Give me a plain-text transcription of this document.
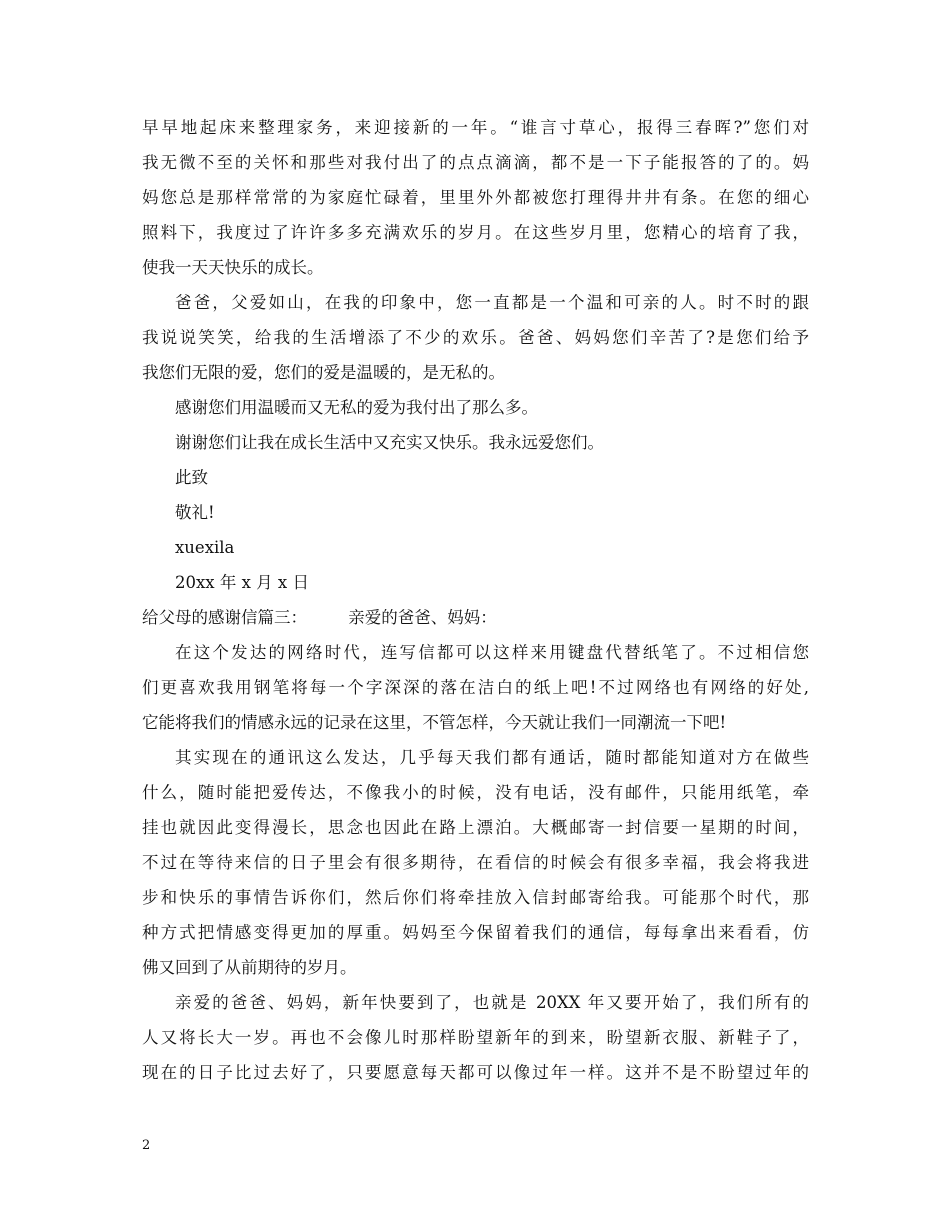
早早地起床来整理家务，来迎接新的一年。“谁言寸草心，报得三春晖?”您们对
我无微不至的关怀和那些对我付出了的点点滴滴，都不是一下子能报答的了的。妈
妈您总是那样常常的为家庭忙碌着，里里外外都被您打理得井井有条。在您的细心
照料下，我度过了许许多多充满欢乐的岁月。在这些岁月里，您精心的培育了我，
使我一天天快乐的成长。
爸爸，父爱如山，在我的印象中，您一直都是一个温和可亲的人。时不时的跟
我说说笑笑，给我的生活增添了不少的欢乐。爸爸、妈妈您们辛苦了?是您们给予
我您们无限的爱，您们的爱是温暖的，是无私的。
感谢您们用温暖而又无私的爱为我付出了那么多。
谢谢您们让我在成长生活中又充实又快乐。我永远爱您们。
此致
敬礼!
xuexila
20xx 年 x 月 x 日
给父母的感谢信篇三：　　　亲爱的爸爸、妈妈：
在这个发达的网络时代，连写信都可以这样来用键盘代替纸笔了。不过相信您
们更喜欢我用钢笔将每一个字深深的落在洁白的纸上吧!不过网络也有网络的好处,
它能将我们的情感永远的记录在这里，不管怎样，今天就让我们一同潮流一下吧!
其实现在的通讯这么发达，几乎每天我们都有通话，随时都能知道对方在做些
什么，随时能把爱传达，不像我小的时候，没有电话，没有邮件，只能用纸笔，牵
挂也就因此变得漫长，思念也因此在路上漂泊。大概邮寄一封信要一星期的时间，
不过在等待来信的日子里会有很多期待，在看信的时候会有很多幸福，我会将我进
步和快乐的事情告诉你们，然后你们将牵挂放入信封邮寄给我。可能那个时代，那
种方式把情感变得更加的厚重。妈妈至今保留着我们的通信，每每拿出来看看，仿
佛又回到了从前期待的岁月。
亲爱的爸爸、妈妈，新年快要到了，也就是 20XX 年又要开始了，我们所有的
人又将长大一岁。再也不会像儿时那样盼望新年的到来，盼望新衣服、新鞋子了，
现在的日子比过去好了，只要愿意每天都可以像过年一样。这并不是不盼望过年的
2
